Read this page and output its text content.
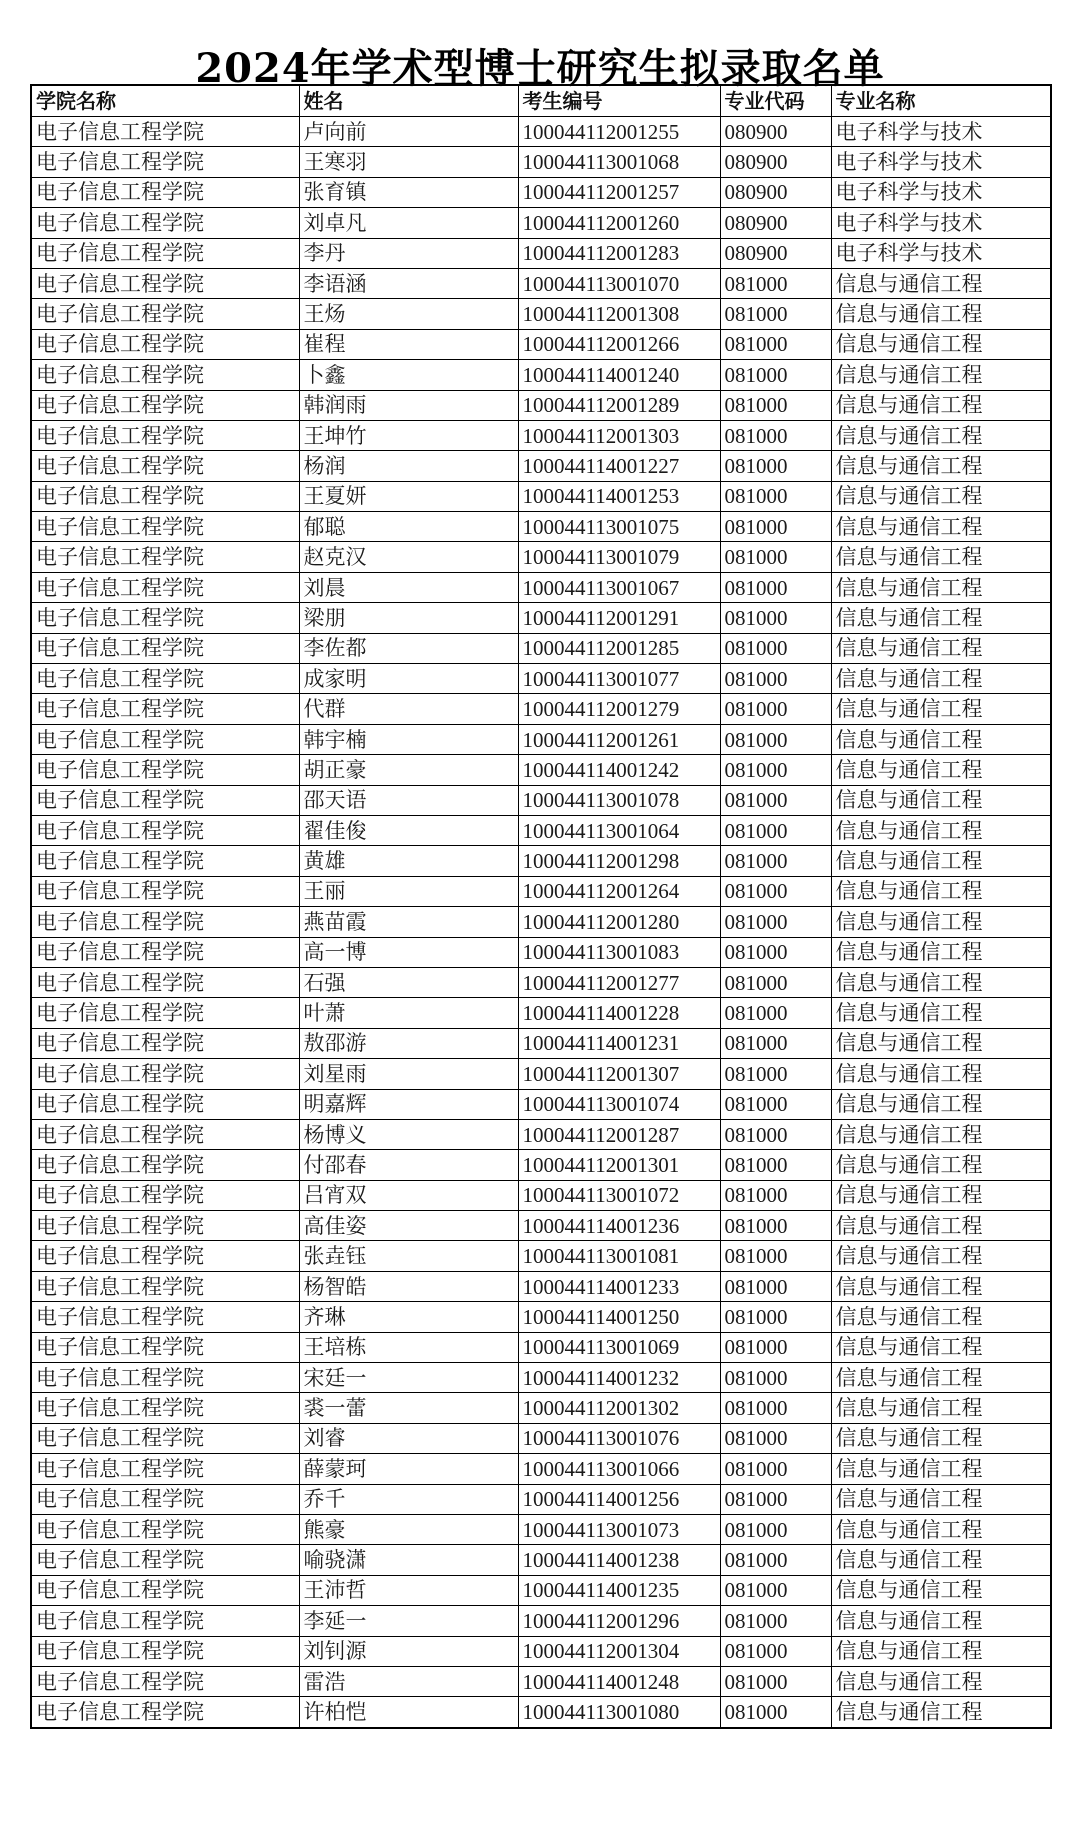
2024年学术型博士研究生拟录取名单
学院名称	姓名	考生编号	专业代码	专业名称
电子信息工程学院	卢向前	100044112001255	080900	电子科学与技术
电子信息工程学院	王寒羽	100044113001068	080900	电子科学与技术
电子信息工程学院	张育镇	100044112001257	080900	电子科学与技术
电子信息工程学院	刘卓凡	100044112001260	080900	电子科学与技术
电子信息工程学院	李丹	100044112001283	080900	电子科学与技术
电子信息工程学院	李语涵	100044113001070	081000	信息与通信工程
电子信息工程学院	王炀	100044112001308	081000	信息与通信工程
电子信息工程学院	崔程	100044112001266	081000	信息与通信工程
电子信息工程学院	卜鑫	100044114001240	081000	信息与通信工程
电子信息工程学院	韩润雨	100044112001289	081000	信息与通信工程
电子信息工程学院	王坤竹	100044112001303	081000	信息与通信工程
电子信息工程学院	杨润	100044114001227	081000	信息与通信工程
电子信息工程学院	王夏妍	100044114001253	081000	信息与通信工程
电子信息工程学院	郁聪	100044113001075	081000	信息与通信工程
电子信息工程学院	赵克汉	100044113001079	081000	信息与通信工程
电子信息工程学院	刘晨	100044113001067	081000	信息与通信工程
电子信息工程学院	梁朋	100044112001291	081000	信息与通信工程
电子信息工程学院	李佐都	100044112001285	081000	信息与通信工程
电子信息工程学院	成家明	100044113001077	081000	信息与通信工程
电子信息工程学院	代群	100044112001279	081000	信息与通信工程
电子信息工程学院	韩宇楠	100044112001261	081000	信息与通信工程
电子信息工程学院	胡正豪	100044114001242	081000	信息与通信工程
电子信息工程学院	邵天语	100044113001078	081000	信息与通信工程
电子信息工程学院	翟佳俊	100044113001064	081000	信息与通信工程
电子信息工程学院	黄雄	100044112001298	081000	信息与通信工程
电子信息工程学院	王丽	100044112001264	081000	信息与通信工程
电子信息工程学院	燕苗霞	100044112001280	081000	信息与通信工程
电子信息工程学院	高一博	100044113001083	081000	信息与通信工程
电子信息工程学院	石强	100044112001277	081000	信息与通信工程
电子信息工程学院	叶萧	100044114001228	081000	信息与通信工程
电子信息工程学院	敖邵游	100044114001231	081000	信息与通信工程
电子信息工程学院	刘星雨	100044112001307	081000	信息与通信工程
电子信息工程学院	明嘉辉	100044113001074	081000	信息与通信工程
电子信息工程学院	杨博义	100044112001287	081000	信息与通信工程
电子信息工程学院	付邵春	100044112001301	081000	信息与通信工程
电子信息工程学院	吕宵双	100044113001072	081000	信息与通信工程
电子信息工程学院	高佳姿	100044114001236	081000	信息与通信工程
电子信息工程学院	张垚钰	100044113001081	081000	信息与通信工程
电子信息工程学院	杨智皓	100044114001233	081000	信息与通信工程
电子信息工程学院	齐琳	100044114001250	081000	信息与通信工程
电子信息工程学院	王培栋	100044113001069	081000	信息与通信工程
电子信息工程学院	宋廷一	100044114001232	081000	信息与通信工程
电子信息工程学院	裘一蕾	100044112001302	081000	信息与通信工程
电子信息工程学院	刘睿	100044113001076	081000	信息与通信工程
电子信息工程学院	薛蒙珂	100044113001066	081000	信息与通信工程
电子信息工程学院	乔千	100044114001256	081000	信息与通信工程
电子信息工程学院	熊豪	100044113001073	081000	信息与通信工程
电子信息工程学院	喻骁潇	100044114001238	081000	信息与通信工程
电子信息工程学院	王沛哲	100044114001235	081000	信息与通信工程
电子信息工程学院	李延一	100044112001296	081000	信息与通信工程
电子信息工程学院	刘钊源	100044112001304	081000	信息与通信工程
电子信息工程学院	雷浩	100044114001248	081000	信息与通信工程
电子信息工程学院	许柏恺	100044113001080	081000	信息与通信工程
